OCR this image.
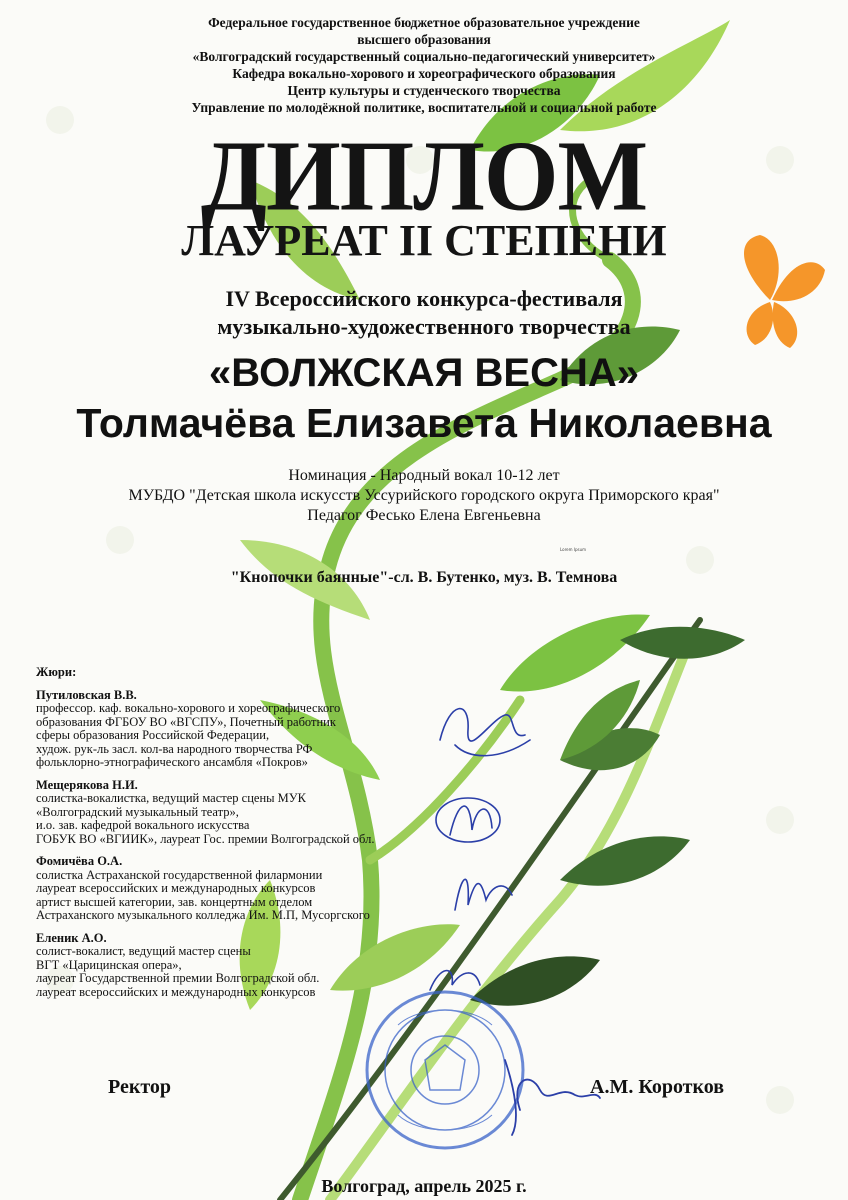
Федеральное государственное бюджетное образовательное учреждение
высшего образования
«Волгоградский государственный социально-педагогический университет»
Кафедра вокально-хорового и хореографического образования
Центр культуры и студенческого творчества
Управление по молодёжной политике, воспитательной и социальной работе
ДИПЛОМ
ЛАУРЕАТ II СТЕПЕНИ
IV Всероссийского конкурса-фестиваля
музыкально-художественного творчества
«ВОЛЖСКАЯ ВЕСНА»
Толмачёва Елизавета Николаевна
Номинация - Народный вокал 10-12 лет
МУБДО "Детская школа искусств Уссурийского городского округа Приморского края"
Педагог Фесько Елена Евгеньевна
Lorem Ipsum
"Кнопочки баянные"-сл. В. Бутенко, муз. В. Темнова
Жюри:
Путиловская В.В.
профессор. каф. вокально-хорового и хореографического
образования ФГБОУ ВО «ВГСПУ», Почетный работник
сферы образования Российской Федерации,
худож. рук-ль засл. кол-ва народного творчества РФ
фольклорно-этнографического ансамбля «Покров»
Мещерякова Н.И.
солистка-вокалистка, ведущий мастер сцены МУК
«Волгоградский музыкальный театр»,
и.о. зав. кафедрой вокального искусства
ГОБУК ВО «ВГИИК», лауреат Гос. премии Волгоградской обл.
Фомичёва О.А.
солистка Астраханской государственной филармонии
лауреат всероссийских и международных конкурсов
артист высшей категории, зав. концертным отделом
Астраханского музыкального колледжа Им. М.П, Мусоргского
Еленик А.О.
солист-вокалист, ведущий мастер сцены
ВГТ «Царицинская опера»,
лауреат Государственной премии Волгоградской обл.
лауреат всероссийских и международных конкурсов
Ректор	А.М. Коротков
Волгоград, апрель 2025 г.
